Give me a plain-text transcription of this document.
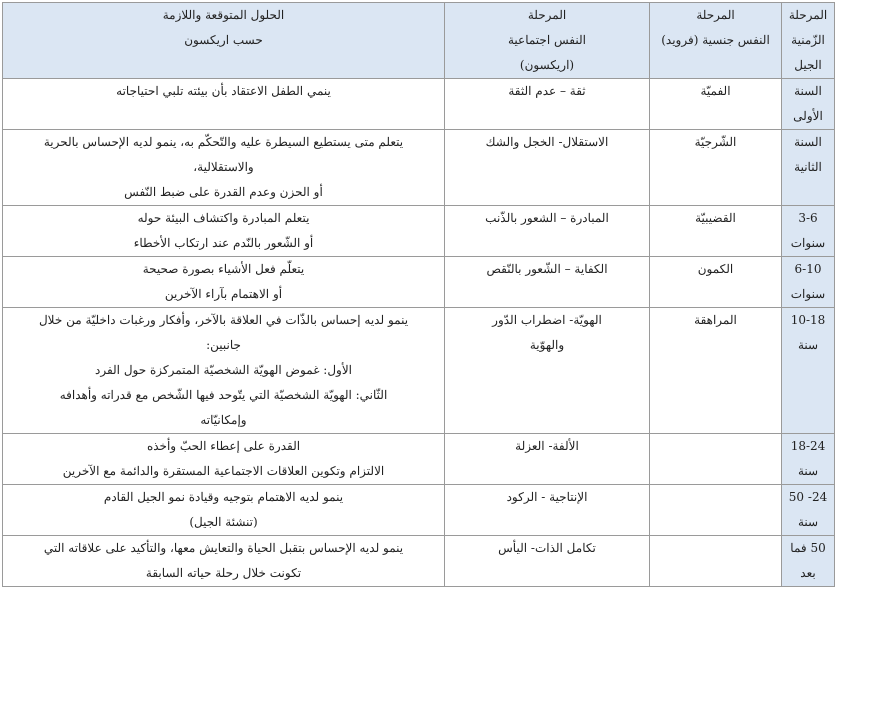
المرحلة
الزّمنية
الجيل	المرحلة
النفس جنسية (فرويد)	المرحلة
النفس اجتماعية
(اريكسون)	الحلول المتوقعة واللازمة
حسب اريكسون

السنة
الأولى	الفميّة	ثقة – عدم الثقة	ينمي الطفل الاعتقاد بأن بيئته تلبي احتياجاته

السنة
الثانية	الشّرجيّة	الاستقلال- الخجل والشك	يتعلم متى يستطيع السيطرة عليه والتّحكّم به، ينمو لديه الإحساس بالحرية
والاستقلالية،
أو الحزن وعدم القدرة على ضبط النّفس

3-6
سنوات	القضيبيّة	المبادرة – الشعور بالذّنب	يتعلم المبادرة واكتشاف البيئة حوله
أو الشّعور بالنّدم عند ارتكاب الأخطاء

6-10
سنوات	الكمون	الكفاية – الشّعور بالنّقص	يتعلّم فعل الأشياء بصورة صحيحة
أو الاهتمام بآراء الآخرين

10-18
سنة	المراهقة	الهويّة- اضطراب الدّور
والهوّية	ينمو لديه إحساس بالذّات في العلاقة بالآخر، وأفكار ورغبات داخليّة من خلال
جانبين:
الأول: غموض الهويّة الشخصيّة المتمركزة حول الفرد
الثّاني: الهويّة الشخصيّة التي يتّوحد فيها الشّخص مع قدراته وأهدافه
وإمكانيّاته

18-24
سنة		الألفة- العزلة	القدرة على إعطاء الحبّ وأخذه
الالتزام وتكوين العلاقات الاجتماعية المستقرة والدائمة مع الآخرين

24- 50
سنة		الإنتاجية - الركود	ينمو لديه الاهتمام بتوجيه وقيادة نمو الجيل القادم
(تنشئة الجيل)

50 فما
بعد		تكامل الذات- اليأس	ينمو لديه الإحساس بتقبل الحياة والتعايش معها، والتأكيد على علاقاته التي
تكونت خلال رحلة حياته السابقة
